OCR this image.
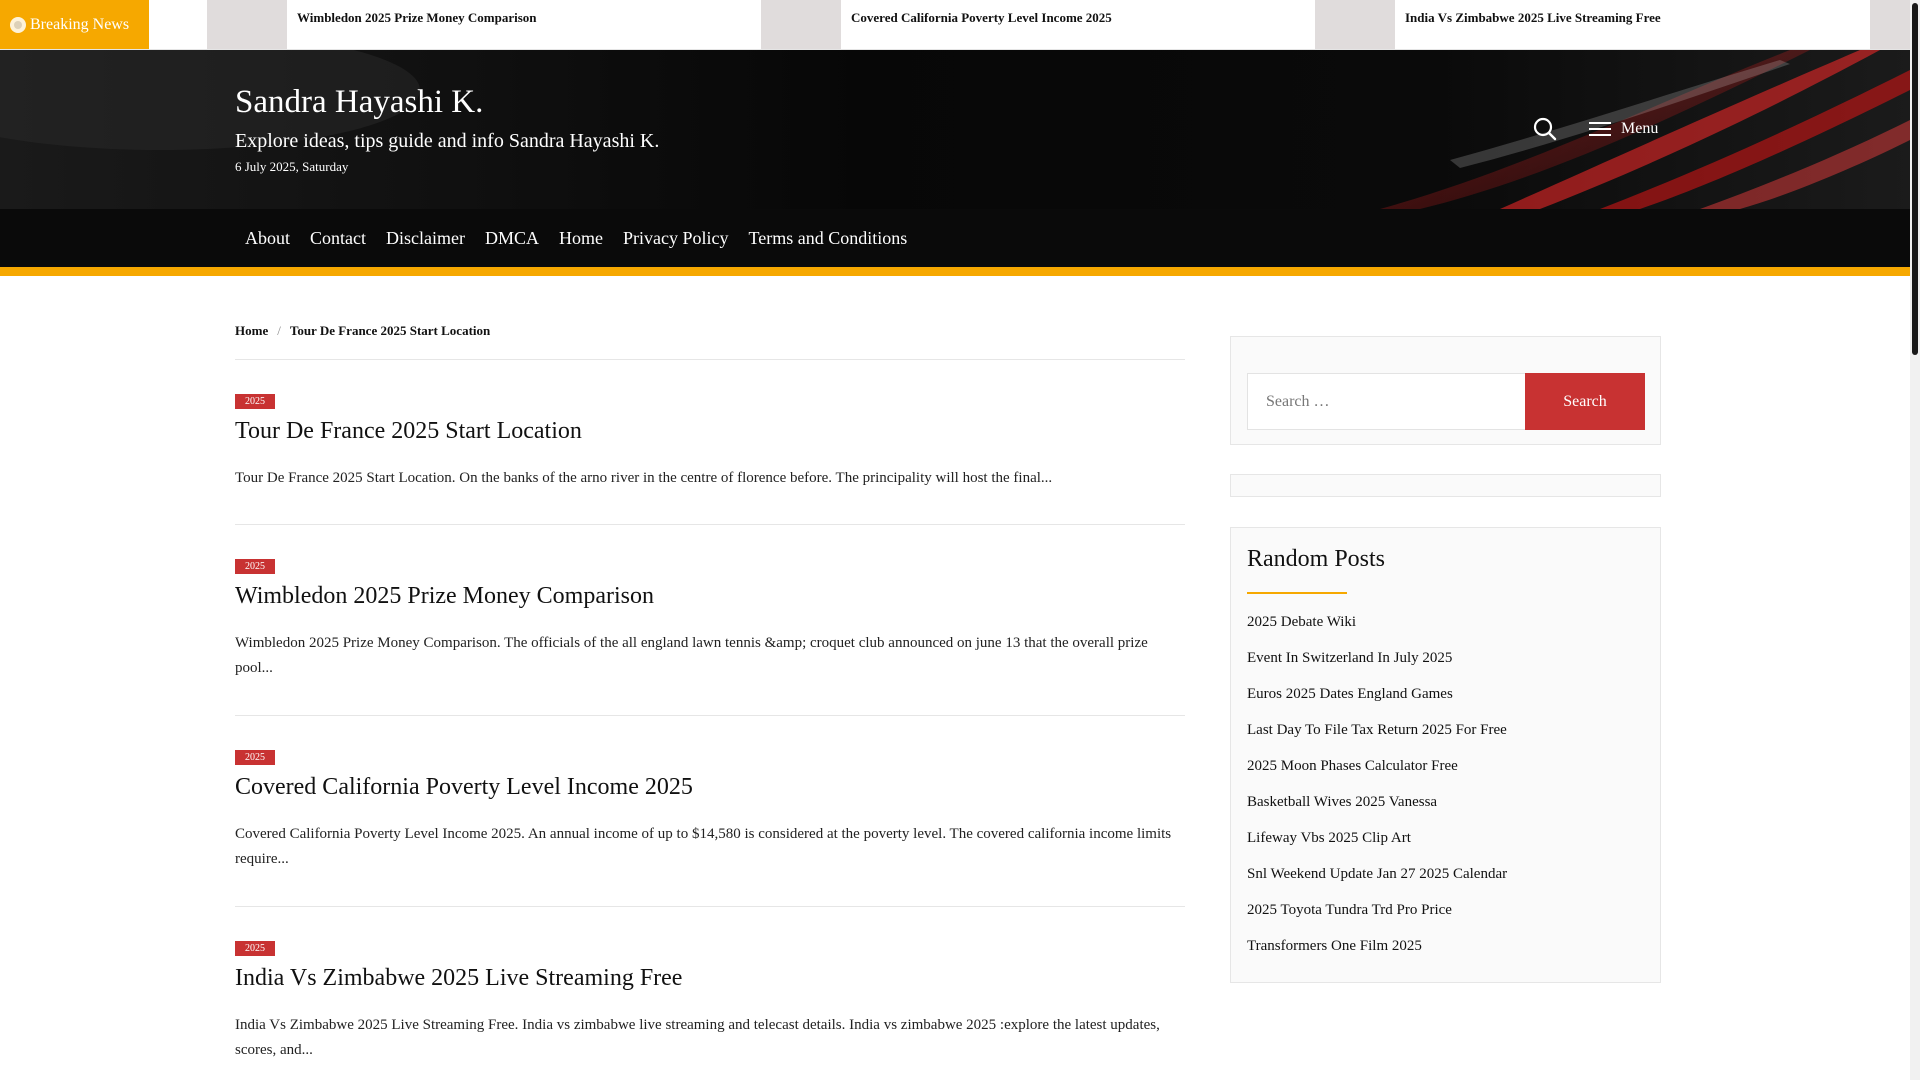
Breaking News	Wimbledon 2025 Prize Money Comparison	Covered California Poverty Level Income 2025	India Vs Zimbabwe 2025 Live Streaming Free
Sandra Hayashi K.
Explore ideas, tips guide and info Sandra Hayashi K.
6 July 2025, Saturday
Menu
About	Contact	Disclaimer	DMCA	Home	Privacy Policy	Terms and Conditions
Home / Tour De France 2025 Start Location
2025
Tour De France 2025 Start Location

Tour De France 2025 Start Location. On the banks of the arno river in the centre of florence before. The principality will host the final...

2025
Wimbledon 2025 Prize Money Comparison

Wimbledon 2025 Prize Money Comparison. The officials of the all england lawn tennis &amp; croquet club announced on june 13 that the overall prize pool...

2025
Covered California Poverty Level Income 2025

Covered California Poverty Level Income 2025. An annual income of up to $14,580 is considered at the poverty level. The covered california income limits require...

2025
India Vs Zimbabwe 2025 Live Streaming Free

India Vs Zimbabwe 2025 Live Streaming Free. India vs zimbabwe live streaming and telecast details. India vs zimbabwe 2025 :explore the latest updates, scores, and...

Search …
Search
Random Posts
2025 Debate Wiki
Event In Switzerland In July 2025
Euros 2025 Dates England Games
Last Day To File Tax Return 2025 For Free
2025 Moon Phases Calculator Free
Basketball Wives 2025 Vanessa
Lifeway Vbs 2025 Clip Art
Snl Weekend Update Jan 27 2025 Calendar
2025 Toyota Tundra Trd Pro Price
Transformers One Film 2025
